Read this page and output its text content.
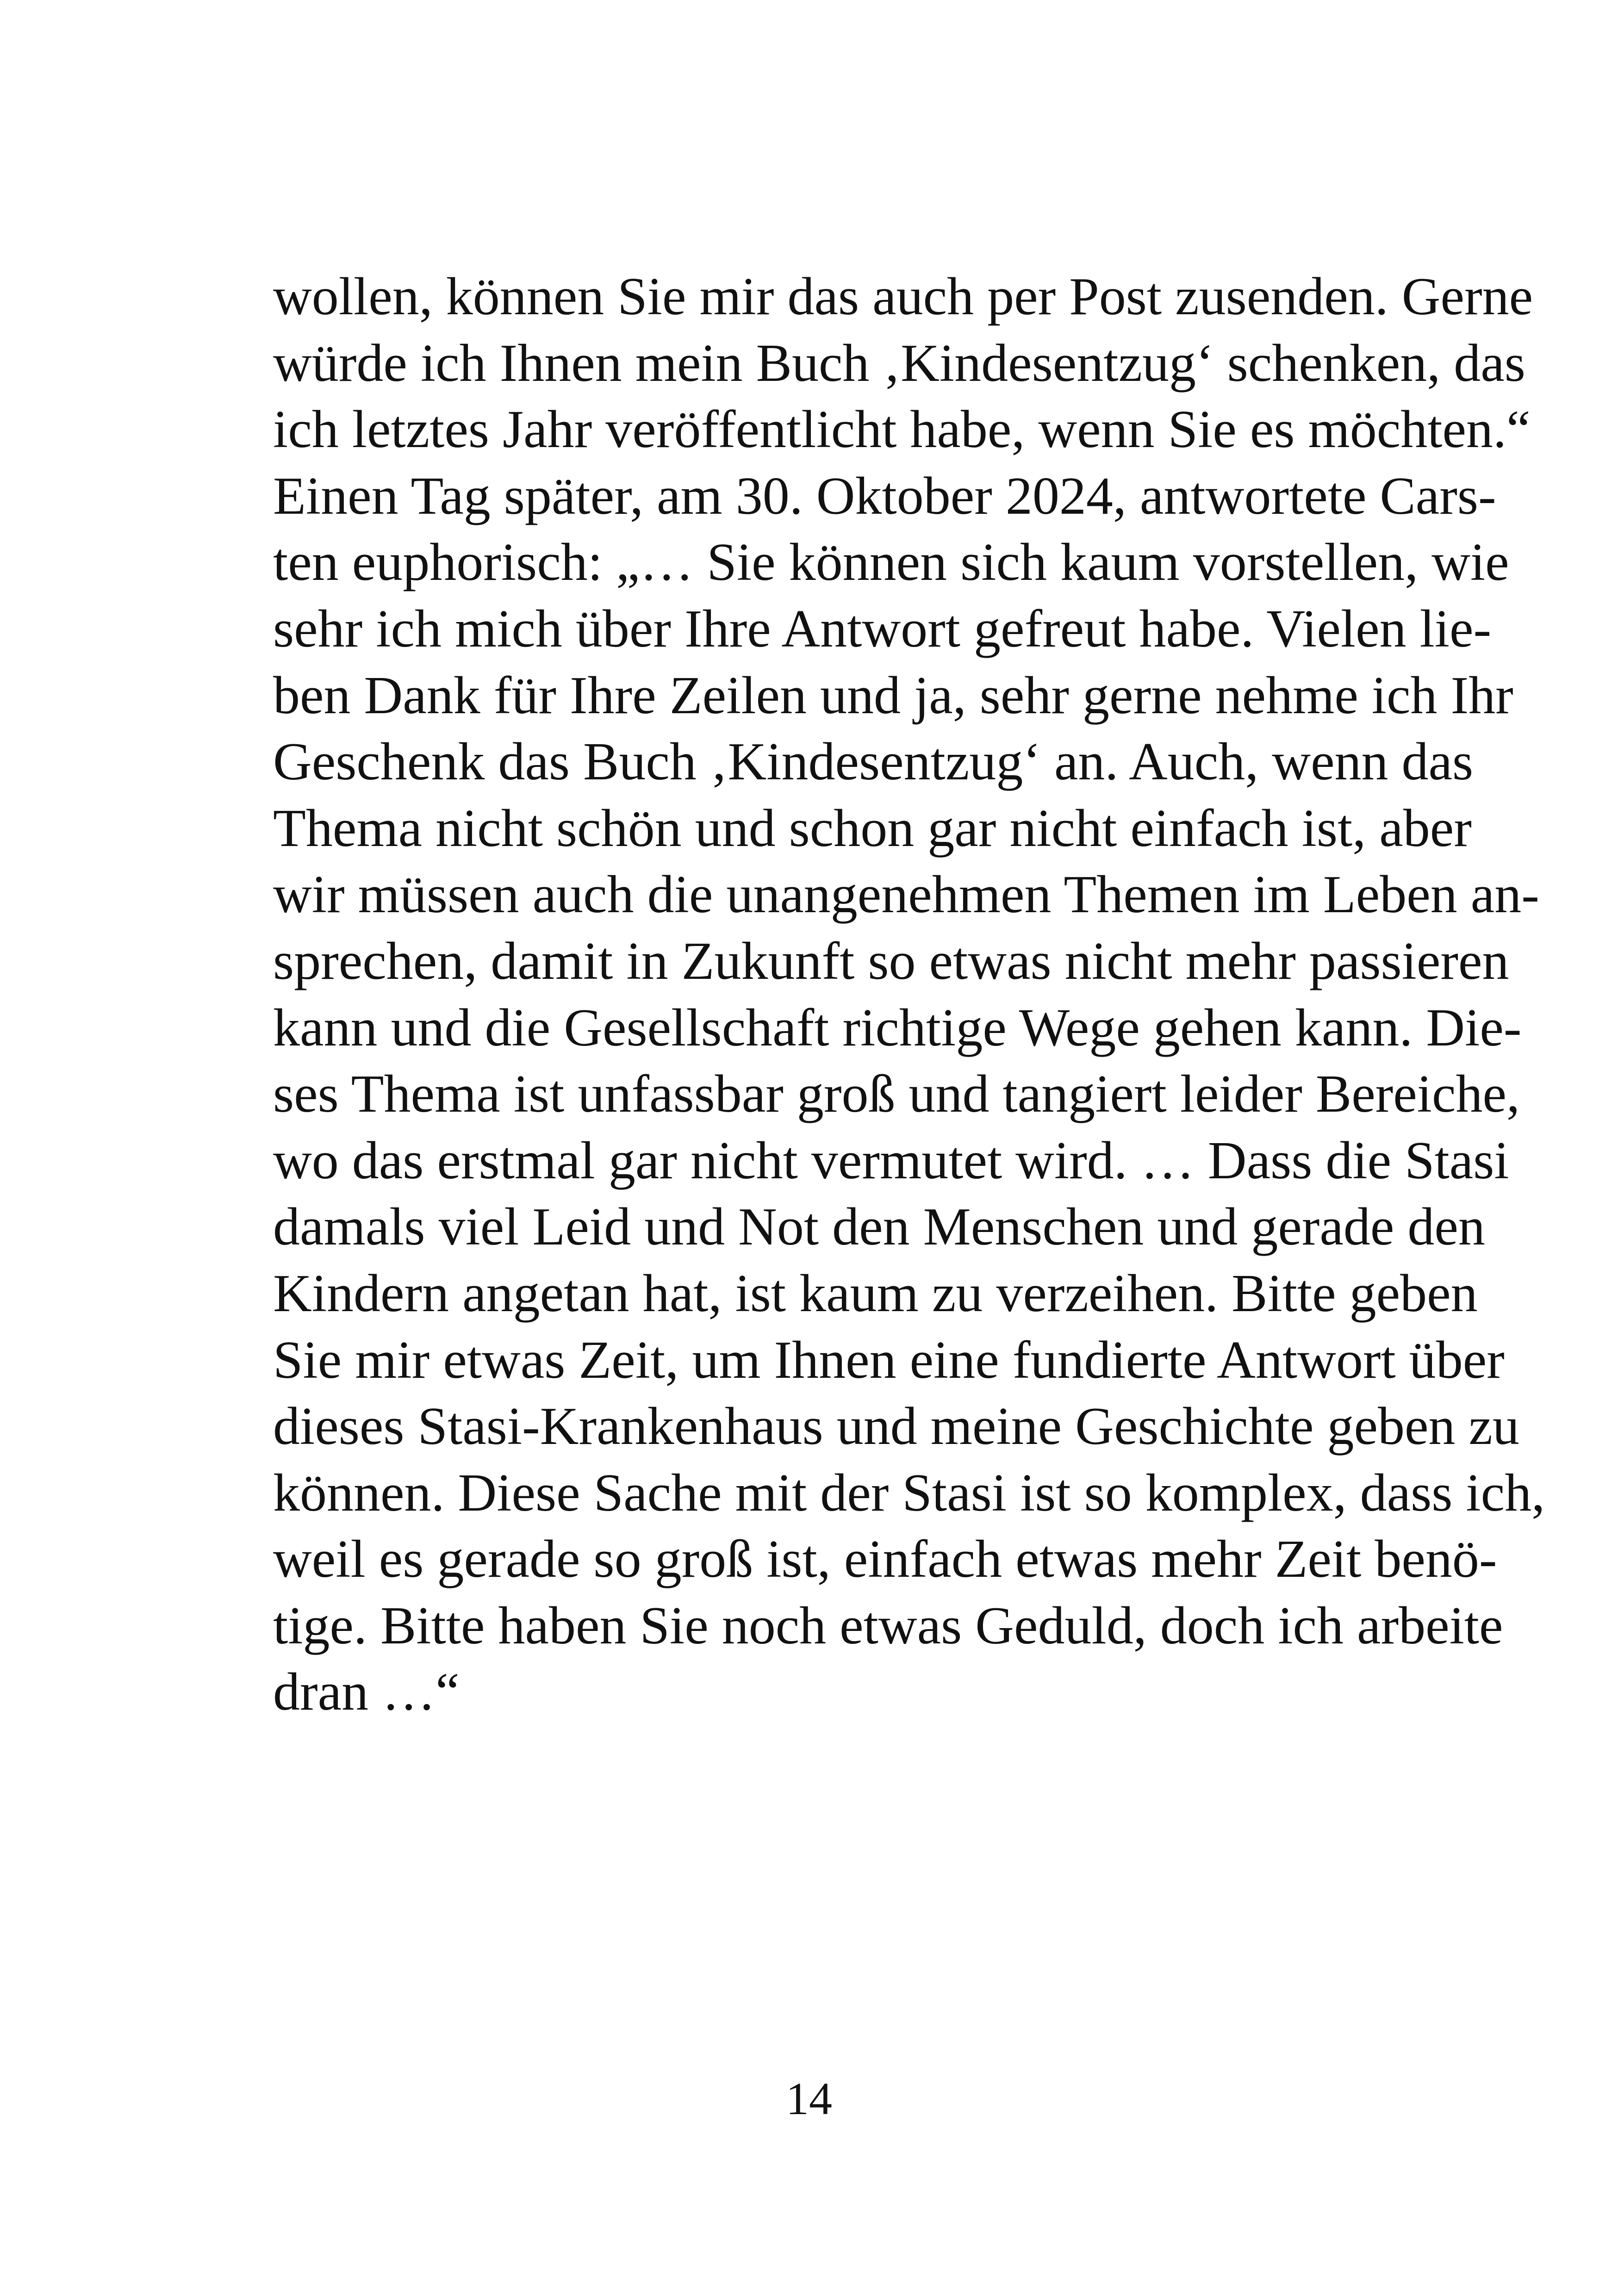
wollen, können Sie mir das auch per Post zusenden. Gerne
würde ich Ihnen mein Buch ‚Kindesentzug‘ schenken, das
ich letztes Jahr veröffentlicht habe, wenn Sie es möchten.“
Einen Tag später, am 30. Oktober 2024, antwortete Cars-
ten euphorisch: „… Sie können sich kaum vorstellen, wie
sehr ich mich über Ihre Antwort gefreut habe. Vielen lie-
ben Dank für Ihre Zeilen und ja, sehr gerne nehme ich Ihr
Geschenk das Buch ‚Kindesentzug‘ an. Auch, wenn das
Thema nicht schön und schon gar nicht einfach ist, aber
wir müssen auch die unangenehmen Themen im Leben an-
sprechen, damit in Zukunft so etwas nicht mehr passieren
kann und die Gesellschaft richtige Wege gehen kann. Die-
ses Thema ist unfassbar groß und tangiert leider Bereiche,
wo das erstmal gar nicht vermutet wird. … Dass die Stasi
damals viel Leid und Not den Menschen und gerade den
Kindern angetan hat, ist kaum zu verzeihen. Bitte geben
Sie mir etwas Zeit, um Ihnen eine fundierte Antwort über
dieses Stasi-Krankenhaus und meine Geschichte geben zu
können. Diese Sache mit der Stasi ist so komplex, dass ich,
weil es gerade so groß ist, einfach etwas mehr Zeit benö-
tige. Bitte haben Sie noch etwas Geduld, doch ich arbeite
dran …“
14
